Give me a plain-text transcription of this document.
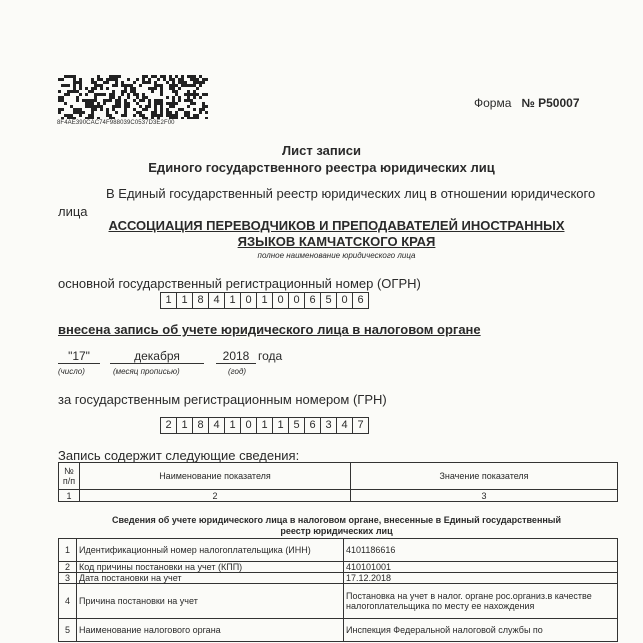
8F4AE390CAC74F988039C0537D3E2F00
Форма № Р50007
Лист записи
Единого государственного реестра юридических лиц
В Единый государственный реестр юридических лиц в отношении юридического
лица
АССОЦИАЦИЯ ПЕРЕВОДЧИКОВ И ПРЕПОДАВАТЕЛЕЙ ИНОСТРАННЫХ
ЯЗЫКОВ КАМЧАТСКОГО КРАЯ
полное наименование юридического лица
основной государственный регистрационный номер (ОГРН)
1 1 8 4 1 0 1 0 0 6 5 0 6
внесена запись об учете юридического лица в налоговом органе
"17"	декабря	2018 года
(число)	(месяц прописью)	(год)
за государственным регистрационным номером (ГРН)
2 1 8 4 1 0 1 1 5 6 3 4 7
Запись содержит следующие сведения:
№ п/п	Наименование показателя	Значение показателя
1	2	3
Сведения об учете юридического лица в налоговом органе, внесенные в Единый государственный
реестр юридических лиц
1	Идентификационный номер налогоплательщика (ИНН)	4101186616
2	Код причины постановки на учет (КПП)	410101001
3	Дата постановки на учет	17.12.2018
4	Причина постановки на учет	Постановка на учет в налог. органе рос.организ.в качестве налогоплательщика по месту ее нахождения
5	Наименование налогового органа	Инспекция Федеральной налоговой службы по
